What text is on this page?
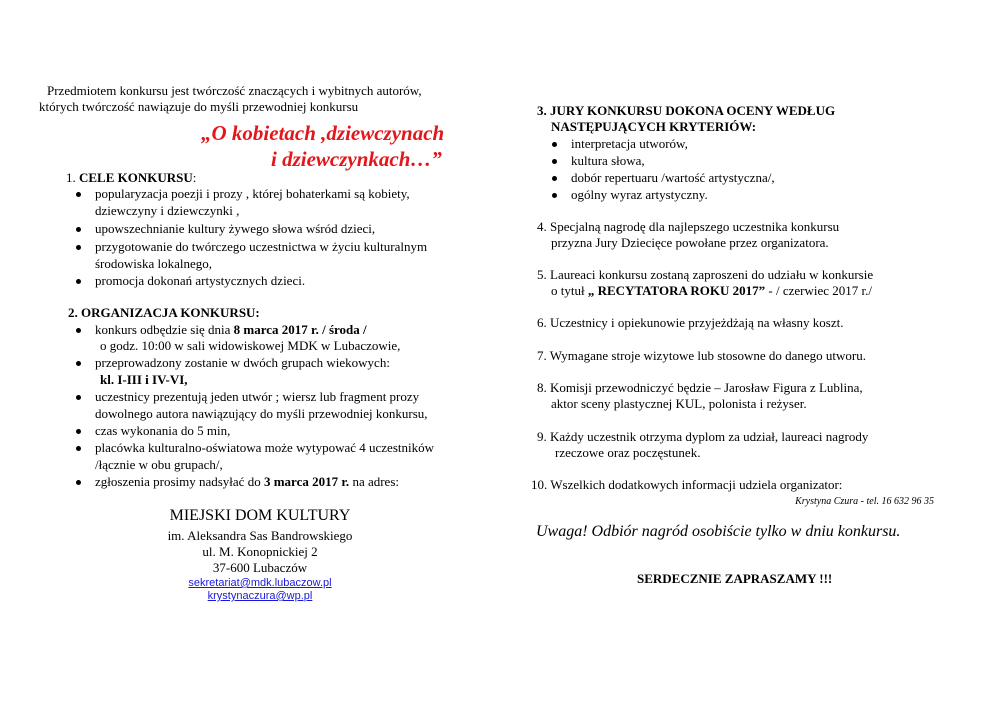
Przedmiotem konkursu jest twórczość znaczących i wybitnych autorów,
których twórczość nawiązuje do myśli przewodniej konkursu
„O kobietach ,dziewczynach
i dziewczynkach…”
1. CELE KONKURSU:
popularyzacja poezji i prozy , której bohaterkami są kobiety,
dziewczyny i dziewczynki ,
upowszechnianie kultury żywego słowa wśród dzieci,
przygotowanie do twórczego uczestnictwa w życiu kulturalnym
środowiska lokalnego,
promocja dokonań artystycznych dzieci.
2. ORGANIZACJA KONKURSU:
konkurs odbędzie się dnia 8 marca 2017 r. / środa /
o godz. 10:00 w sali widowiskowej MDK w Lubaczowie,
przeprowadzony zostanie w dwóch grupach wiekowych:
kl. I-III i IV-VI,
uczestnicy prezentują jeden utwór ; wiersz lub fragment prozy
dowolnego autora nawiązujący do myśli przewodniej konkursu,
czas wykonania do 5 min,
placówka kulturalno-oświatowa może wytypować 4 uczestników
/łącznie w obu grupach/,
zgłoszenia prosimy nadsyłać do 3 marca 2017 r. na adres:
MIEJSKI DOM KULTURY
im. Aleksandra Sas Bandrowskiego
ul. M. Konopnickiej 2
37-600 Lubaczów
sekretariat@mdk.lubaczow.pl
krystynaczura@wp.pl
3. JURY KONKURSU DOKONA OCENY WEDŁUG
NASTĘPUJĄCYCH KRYTERIÓW:
interpretacja utworów,
kultura słowa,
dobór repertuaru /wartość artystyczna/,
ogólny wyraz artystyczny.
4. Specjalną nagrodę dla najlepszego uczestnika konkursu
przyzna Jury Dziecięce powołane przez organizatora.
5. Laureaci konkursu zostaną zaproszeni do udziału w konkursie
o tytuł „ RECYTATORA ROKU 2017” - / czerwiec 2017 r./
6. Uczestnicy i opiekunowie przyjeżdżają na własny koszt.
7. Wymagane stroje wizytowe lub stosowne do danego utworu.
8. Komisji przewodniczyć będzie – Jarosław Figura z Lublina,
aktor sceny plastycznej KUL, polonista i reżyser.
9. Każdy uczestnik otrzyma dyplom za udział, laureaci nagrody
rzeczowe oraz poczęstunek.
10. Wszelkich dodatkowych informacji udziela organizator:
Krystyna Czura - tel. 16 632 96 35
Uwaga! Odbiór nagród osobiście tylko w dniu konkursu.
SERDECZNIE ZAPRASZAMY !!!
